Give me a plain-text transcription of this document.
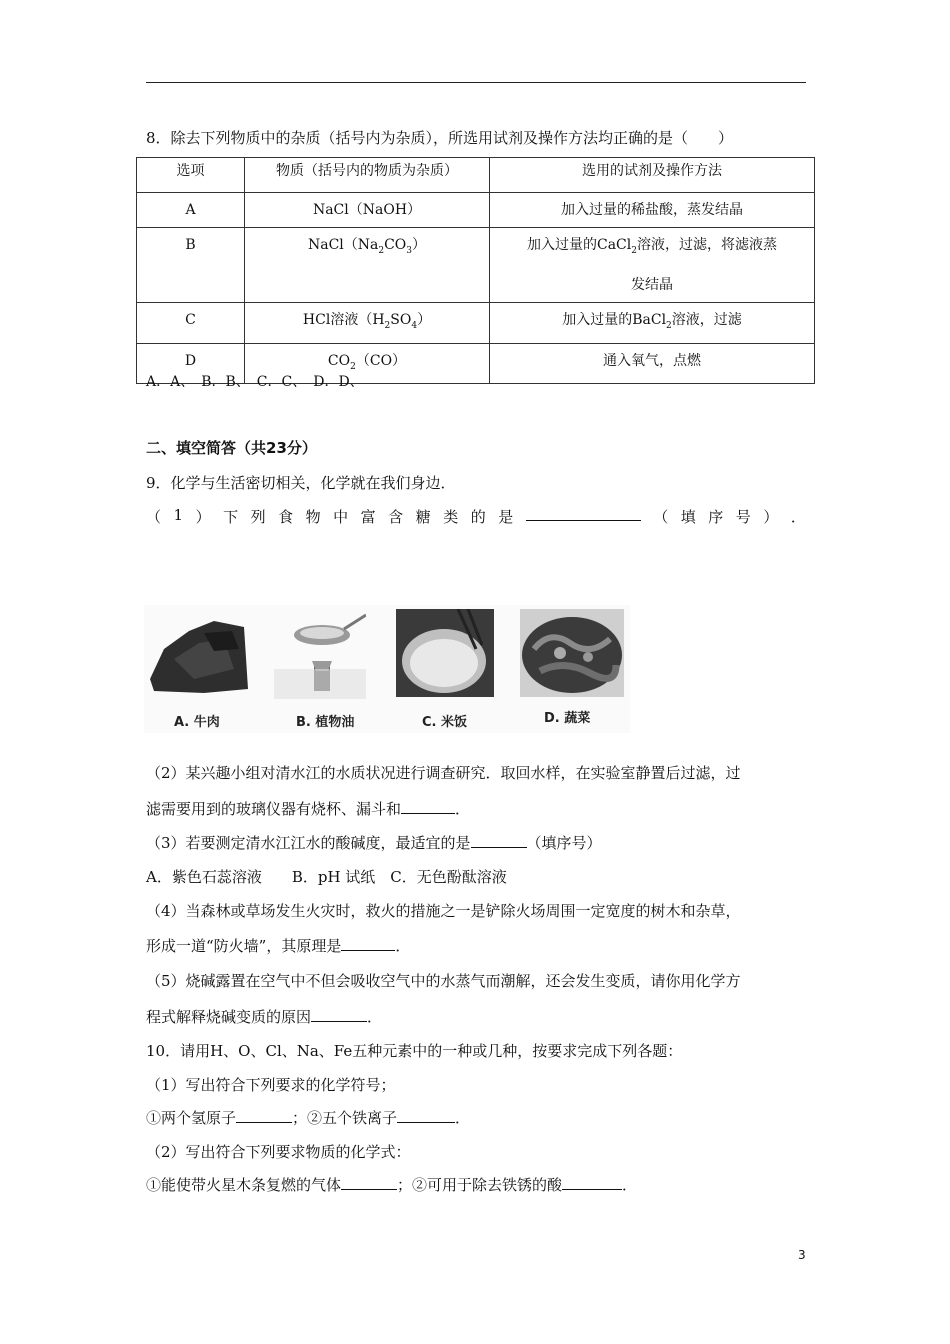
8．除去下列物质中的杂质（括号内为杂质），所选用试剂及操作方法均正确的是（　　）
选项	物质（括号内的物质为杂质）	选用的试剂及操作方法
A	NaCl（NaOH）	加入过量的稀盐酸，蒸发结晶
B	$NaCl(Na_2CO_3)$	加入过量的CaCl$_2$溶液，过滤，将滤液蒸
发结晶
C	HCl溶液$(H_2SO_4)$	加入过量的BaCl$_2$溶液，过滤
D	$CO_2(CO)$	通入氧气，点燃
A．A、　B．B、　C．C、　D．D、
二、填空简答（共23分）
9．化学与生活密切相关，化学就在我们身边．
（ 1 ） 下 列 食 物 中 富 含 糖 类 的 是	（ 填 序 号 ） ．
A. 牛肉	B. 植物油	C. 米饭	D. 蔬菜
（2）某兴趣小组对清水江的水质状况进行调查研究．取回水样，在实验室静置后过滤，过
滤需要用到的玻璃仪器有烧杯、漏斗和	．
（3）若要测定清水江江水的酸碱度，最适宜的是	（填序号）
A．紫色石蕊溶液　　B．pH 试纸　C．无色酚酞溶液
（4）当森林或草场发生火灾时，救火的措施之一是铲除火场周围一定宽度的树木和杂草，
形成一道“防火墙”，其原理是	．
（5）烧碱露置在空气中不但会吸收空气中的水蒸气而潮解，还会发生变质，请你用化学方
程式解释烧碱变质的原因	．
10．请用H、O、Cl、Na、Fe五种元素中的一种或几种，按要求完成下列各题：
（1）写出符合下列要求的化学符号；
①两个氢原子	；②五个铁离子	．
（2）写出符合下列要求物质的化学式：
①能使带火星木条复燃的气体	；②可用于除去铁锈的酸	．
3
